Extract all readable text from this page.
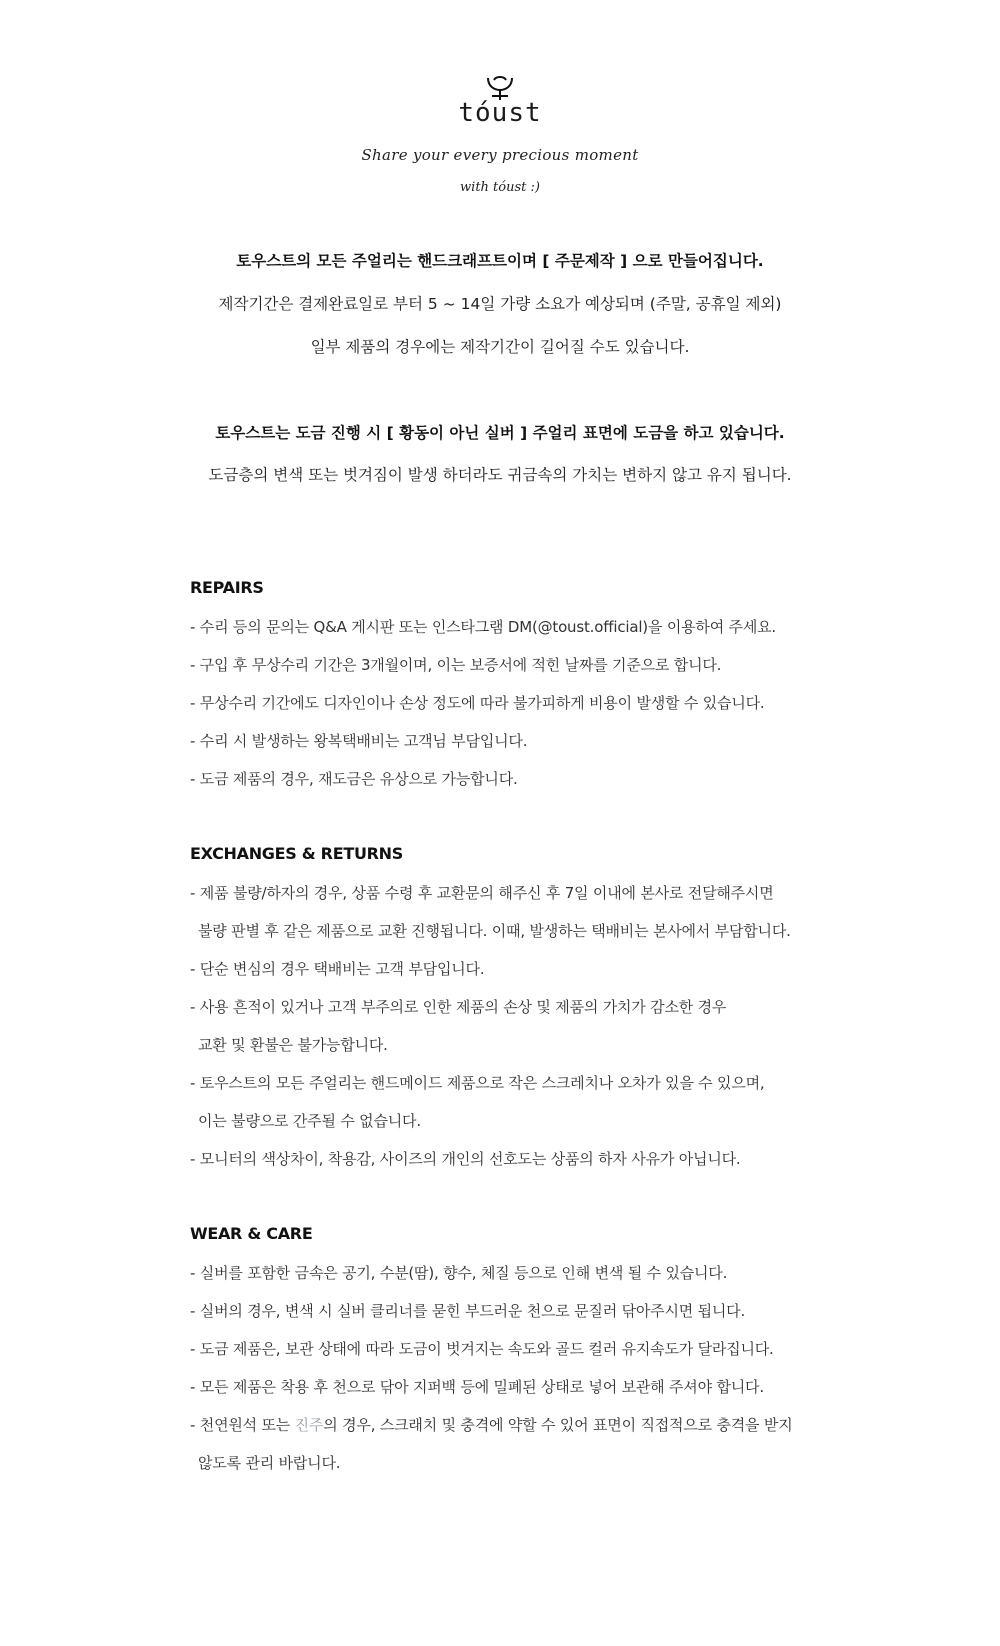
tóust
Share your every precious moment
with tóust :)

토우스트의 모든 주얼리는 핸드크래프트이며 [ 주문제작 ] 으로 만들어집니다.

제작기간은 결제완료일로 부터 5 ~ 14일 가량 소요가 예상되며 (주말, 공휴일 제외)

일부 제품의 경우에는 제작기간이 길어질 수도 있습니다.

토우스트는 도금 진행 시 [ 황동이 아닌 실버 ] 주얼리 표면에 도금을 하고 있습니다.

도금층의 변색 또는 벗겨짐이 발생 하더라도 귀금속의 가치는 변하지 않고 유지 됩니다.

REPAIRS
- 수리 등의 문의는 Q&A 게시판 또는 인스타그램 DM(@toust.official)을 이용하여 주세요.
- 구입 후 무상수리 기간은 3개월이며, 이는 보증서에 적힌 날짜를 기준으로 합니다.
- 무상수리 기간에도 디자인이나 손상 정도에 따라 불가피하게 비용이 발생할 수 있습니다.
- 수리 시 발생하는 왕복택배비는 고객님 부담입니다.
- 도금 제품의 경우, 재도금은 유상으로 가능합니다.
EXCHANGES & RETURNS
- 제품 불량/하자의 경우, 상품 수령 후 교환문의 해주신 후 7일 이내에 본사로 전달해주시면
불량 판별 후 같은 제품으로 교환 진행됩니다. 이때, 발생하는 택배비는 본사에서 부담합니다.
- 단순 변심의 경우 택배비는 고객 부담입니다.
- 사용 흔적이 있거나 고객 부주의로 인한 제품의 손상 및 제품의 가치가 감소한 경우
교환 및 환불은 불가능합니다.
- 토우스트의 모든 주얼리는 핸드메이드 제품으로 작은 스크레치나 오차가 있을 수 있으며,
이는 불량으로 간주될 수 없습니다.
- 모니터의 색상차이, 착용감, 사이즈의 개인의 선호도는 상품의 하자 사유가 아닙니다.
WEAR & CARE
- 실버를 포함한 금속은 공기, 수분(땀), 향수, 체질 등으로 인해 변색 될 수 있습니다.
- 실버의 경우, 변색 시 실버 클리너를 묻힌 부드러운 천으로 문질러 닦아주시면 됩니다.
- 도금 제품은, 보관 상태에 따라 도금이 벗겨지는 속도와 골드 컬러 유지속도가 달라집니다.
- 모든 제품은 착용 후 천으로 닦아 지퍼백 등에 밀폐된 상태로 넣어 보관해 주셔야 합니다.
- 천연원석 또는 진주의 경우, 스크래치 및 충격에 약할 수 있어 표면이 직접적으로 충격을 받지
않도록 관리 바랍니다.
